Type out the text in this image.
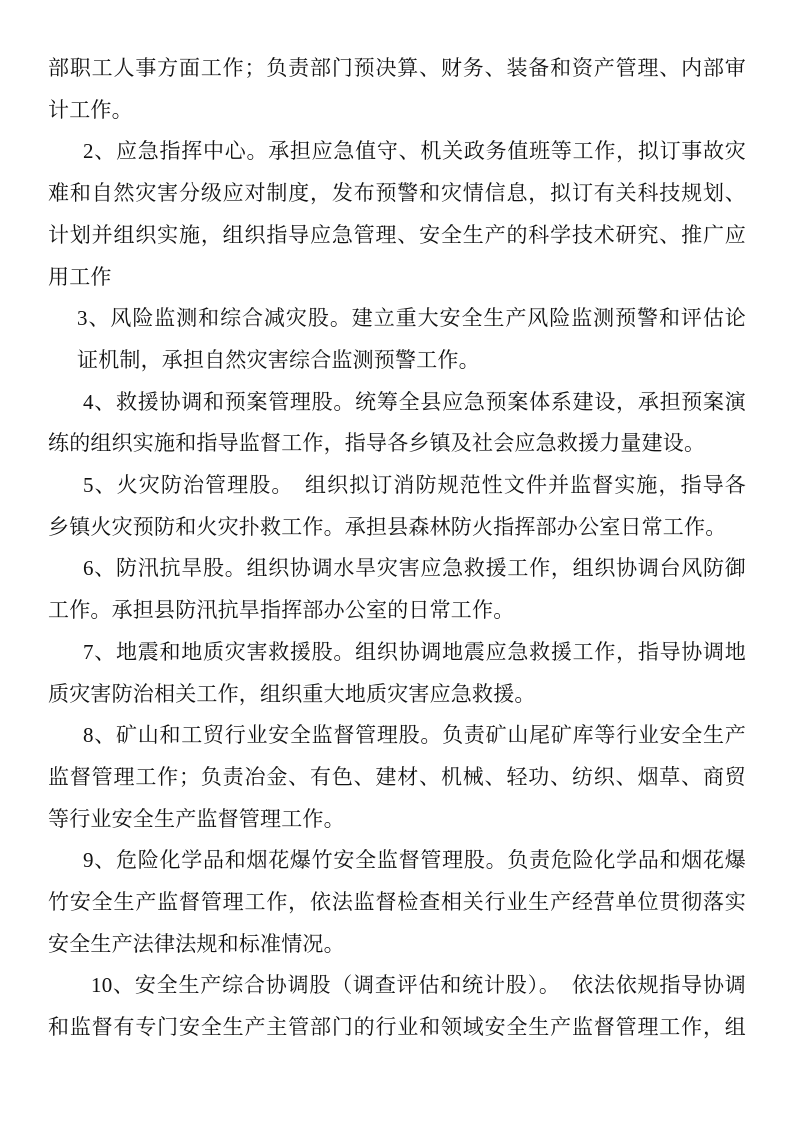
部职工人事方面工作；负责部门预决算、财务、装备和资产管理、内部审
计工作。
2、应急指挥中心。承担应急值守、机关政务值班等工作，拟订事故灾
难和自然灾害分级应对制度，发布预警和灾情信息，拟订有关科技规划、
计划并组织实施，组织指导应急管理、安全生产的科学技术研究、推广应
用工作
3、风险监测和综合减灾股。建立重大安全生产风险监测预警和评估论
证机制，承担自然灾害综合监测预警工作。
4、救援协调和预案管理股。统筹全县应急预案体系建设，承担预案演
练的组织实施和指导监督工作，指导各乡镇及社会应急救援力量建设。
5、火灾防治管理股。　组织拟订消防规范性文件并监督实施，指导各
乡镇火灾预防和火灾扑救工作。承担县森林防火指挥部办公室日常工作。
6、防汛抗旱股。组织协调水旱灾害应急救援工作，组织协调台风防御
工作。承担县防汛抗旱指挥部办公室的日常工作。
7、地震和地质灾害救援股。组织协调地震应急救援工作，指导协调地
质灾害防治相关工作，组织重大地质灾害应急救援。
8、矿山和工贸行业安全监督管理股。负责矿山尾矿库等行业安全生产
监督管理工作；负责冶金、有色、建材、机械、轻功、纺织、烟草、商贸
等行业安全生产监督管理工作。
9、危险化学品和烟花爆竹安全监督管理股。负责危险化学品和烟花爆
竹安全生产监督管理工作，依法监督检查相关行业生产经营单位贯彻落实
安全生产法律法规和标准情况。
10、安全生产综合协调股（调查评估和统计股）。　依法依规指导协调
和监督有专门安全生产主管部门的行业和领域安全生产监督管理工作，组
